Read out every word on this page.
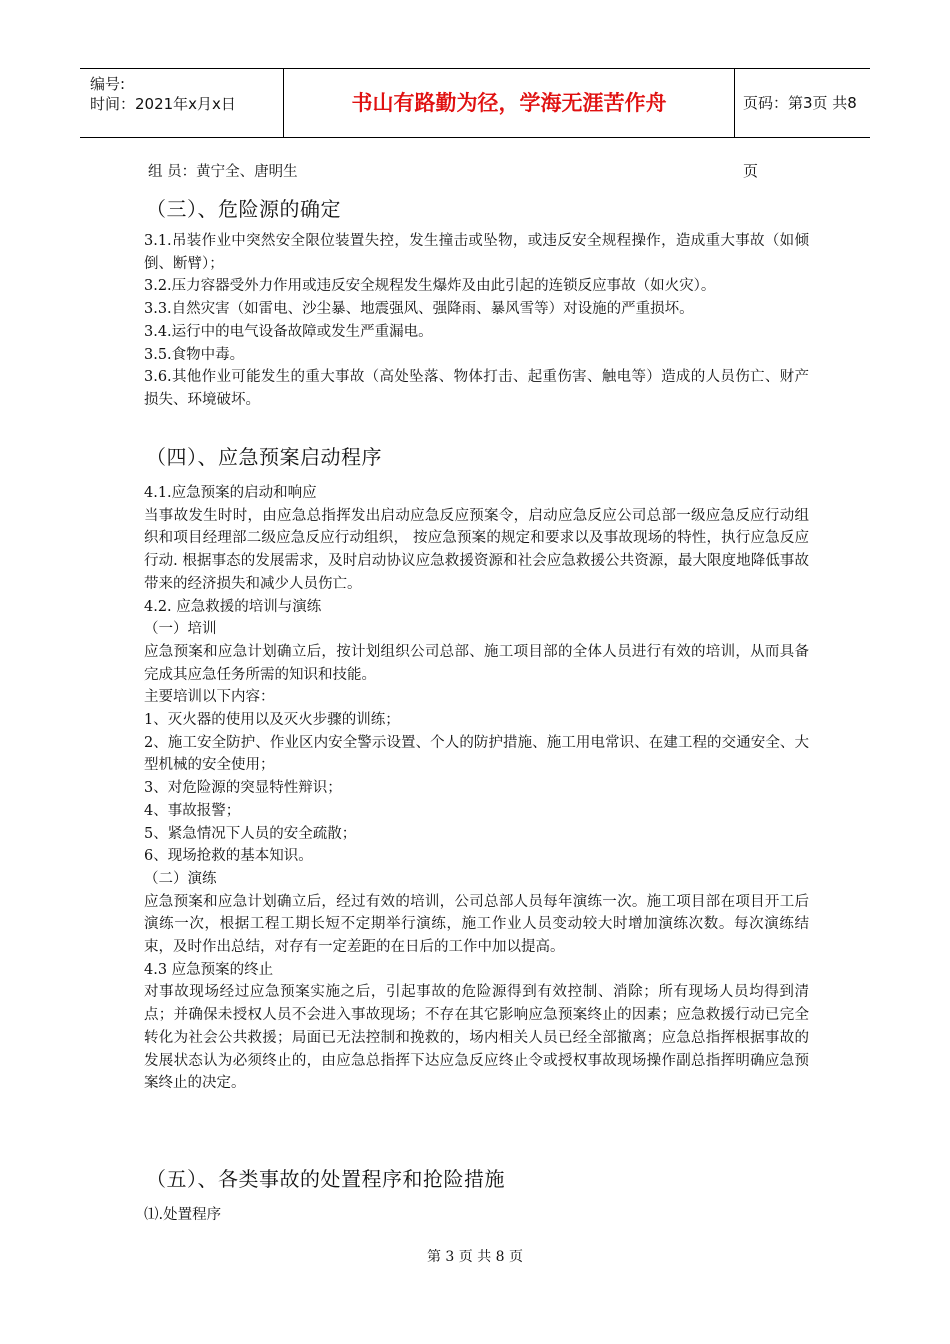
编号:
时间：2021年x月x日	书山有路勤为径，学海无涯苦作舟	页码：第3页 共8页
组 员：黄宁全、唐明生
（三）、危险源的确定

3.1.吊装作业中突然安全限位装置失控，发生撞击或坠物，或违反安全规程操作，造成重大事故（如倾倒、断臂）；

3.2.压力容器受外力作用或违反安全规程发生爆炸及由此引起的连锁反应事故（如火灾）。

3.3.自然灾害（如雷电、沙尘暴、地震强风、强降雨、暴风雪等）对设施的严重损坏。

3.4.运行中的电气设备故障或发生严重漏电。

3.5.食物中毒。

3.6.其他作业可能发生的重大事故（高处坠落、物体打击、起重伤害、触电等）造成的人员伤亡、财产损失、环境破坏。

（四）、应急预案启动程序

4.1.应急预案的启动和响应

当事故发生时时，由应急总指挥发出启动应急反应预案令，启动应急反应公司总部一级应急反应行动组织和项目经理部二级应急反应行动组织， 按应急预案的规定和要求以及事故现场的特性，执行应急反应行动. 根据事态的发展需求，及时启动协议应急救援资源和社会应急救援公共资源，最大限度地降低事故带来的经济损失和减少人员伤亡。

4.2. 应急救援的培训与演练

（一）培训

应急预案和应急计划确立后，按计划组织公司总部、施工项目部的全体人员进行有效的培训，从而具备完成其应急任务所需的知识和技能。

主要培训以下内容：

1、灭火器的使用以及灭火步骤的训练；

2、施工安全防护、作业区内安全警示设置、个人的防护措施、施工用电常识、在建工程的交通安全、大型机械的安全使用；

3、对危险源的突显特性辩识；

4、事故报警；

5、紧急情况下人员的安全疏散；

6、现场抢救的基本知识。

（二）演练

应急预案和应急计划确立后，经过有效的培训，公司总部人员每年演练一次。施工项目部在项目开工后演练一次，根据工程工期长短不定期举行演练，施工作业人员变动较大时增加演练次数。每次演练结束，及时作出总结，对存有一定差距的在日后的工作中加以提高。

4.3 应急预案的终止

对事故现场经过应急预案实施之后，引起事故的危险源得到有效控制、消除；所有现场人员均得到清点；并确保未授权人员不会进入事故现场；不存在其它影响应急预案终止的因素；应急救援行动已完全转化为社会公共救援；局面已无法控制和挽救的，场内相关人员已经全部撤离；应急总指挥根据事故的发展状态认为必须终止的，由应急总指挥下达应急反应终止令或授权事故现场操作副总指挥明确应急预案终止的决定。

（五）、各类事故的处置程序和抢险措施

⑴.处置程序

第 3 页 共 8 页
